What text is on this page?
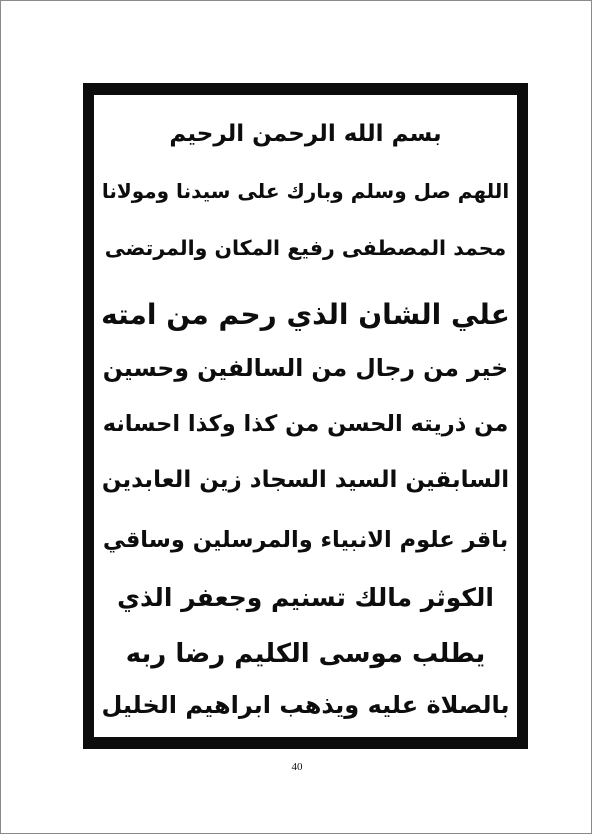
بسم الله الرحمن الرحيم
اللهم صل وسلم وبارك على سيدنا ومولانا
محمد المصطفى رفيع المكان والمرتضى
علي الشان الذي رحم من امته
خير من رجال من السالفين وحسين
من ذريته الحسن من كذا وكذا احسانه
السابقين السيد السجاد زين العابدين
باقر علوم الانبياء والمرسلين وساقي
الكوثر مالك تسنيم وجعفر الذي
يطلب موسى الكليم رضا ربه
بالصلاة عليه ويذهب ابراهيم الخليل
40
